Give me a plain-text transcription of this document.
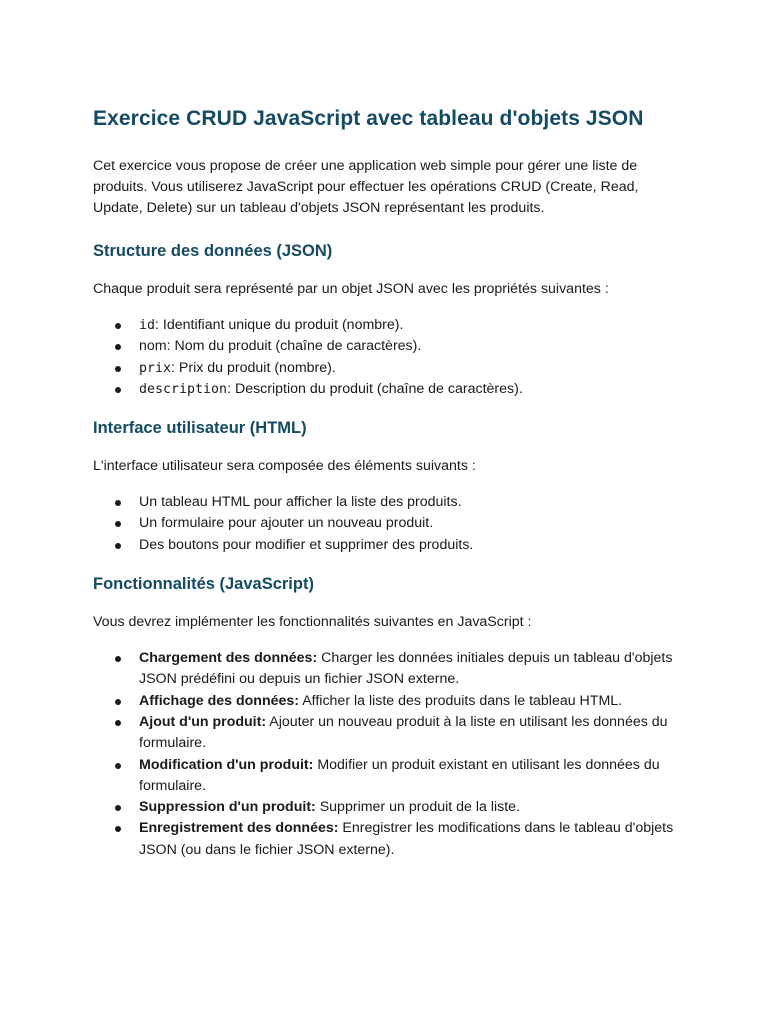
Exercice CRUD JavaScript avec tableau d'objets JSON

Cet exercice vous propose de créer une application web simple pour gérer une liste de produits. Vous utiliserez JavaScript pour effectuer les opérations CRUD (Create, Read, Update, Delete) sur un tableau d'objets JSON représentant les produits.

Structure des données (JSON)

Chaque produit sera représenté par un objet JSON avec les propriétés suivantes :

id: Identifiant unique du produit (nombre).
nom: Nom du produit (chaîne de caractères).
prix: Prix du produit (nombre).
description: Description du produit (chaîne de caractères).
Interface utilisateur (HTML)

L'interface utilisateur sera composée des éléments suivants :

Un tableau HTML pour afficher la liste des produits.
Un formulaire pour ajouter un nouveau produit.
Des boutons pour modifier et supprimer des produits.
Fonctionnalités (JavaScript)

Vous devrez implémenter les fonctionnalités suivantes en JavaScript :

Chargement des données: Charger les données initiales depuis un tableau d'objets JSON prédéfini ou depuis un fichier JSON externe.
Affichage des données: Afficher la liste des produits dans le tableau HTML.
Ajout d'un produit: Ajouter un nouveau produit à la liste en utilisant les données du formulaire.
Modification d'un produit: Modifier un produit existant en utilisant les données du formulaire.
Suppression d'un produit: Supprimer un produit de la liste.
Enregistrement des données: Enregistrer les modifications dans le tableau d'objets JSON (ou dans le fichier JSON externe).
